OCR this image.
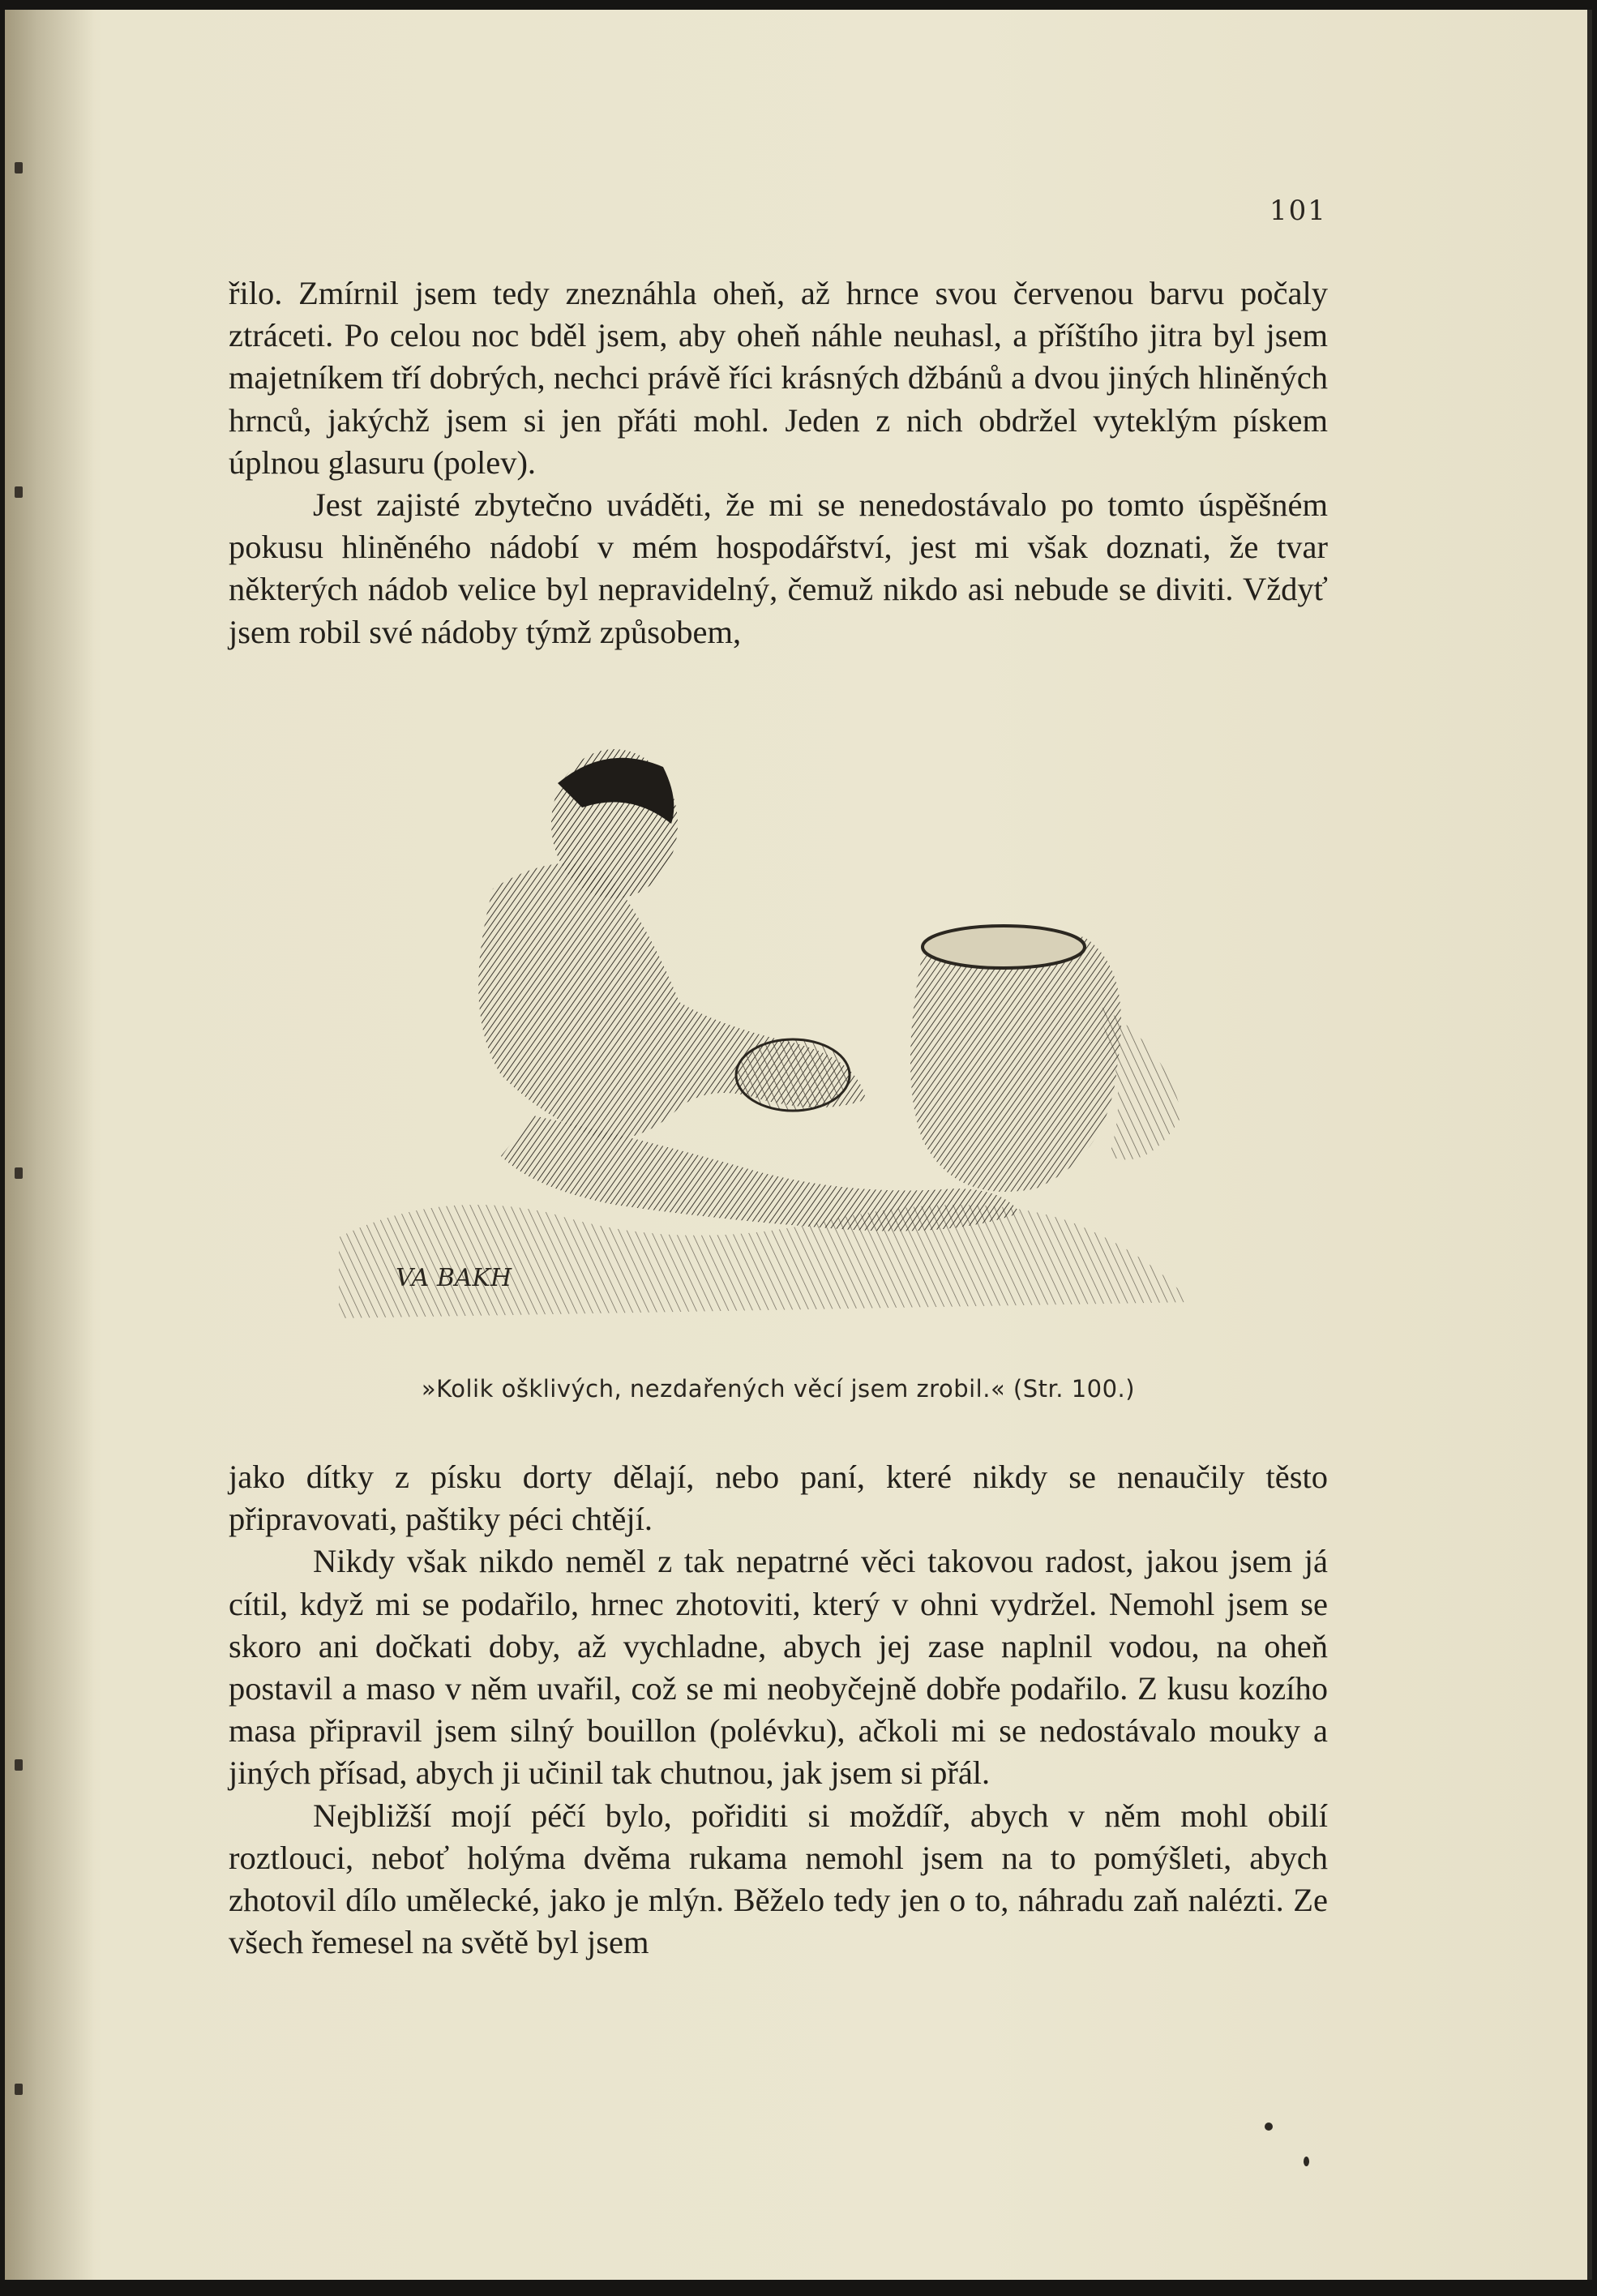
101

řilo. Zmírnil jsem tedy zneznáhla oheň, až hrnce svou červenou barvu počaly ztráceti. Po celou noc bděl jsem, aby oheň náhle neuhasl, a příštího jitra byl jsem majetníkem tří dobrých, nechci právě říci krásných džbánů a dvou jiných hliněných hrnců, jakýchž jsem si jen přáti mohl. Jeden z nich obdržel vyteklým pískem úplnou glasuru (polev).

Jest zajisté zbytečno uváděti, že mi se nenedostávalo po tomto úspěšném pokusu hliněného nádobí v mém hospodářství, jest mi však doznati, že tvar některých nádob velice byl nepravidelný, čemuž nikdo asi nebude se diviti. Vždyť jsem robil své nádoby týmž způsobem,

VA BAKH
»Kolik ošklivých, nezdařených věcí jsem zrobil.« (Str. 100.)

jako dítky z písku dorty dělají, nebo paní, které nikdy se nenaučily těsto připravovati, paštiky péci chtějí.

Nikdy však nikdo neměl z tak nepatrné věci takovou radost, jakou jsem já cítil, když mi se podařilo, hrnec zhotoviti, který v ohni vydržel. Nemohl jsem se skoro ani dočkati doby, až vychladne, abych jej zase naplnil vodou, na oheň postavil a maso v něm uvařil, což se mi neobyčejně dobře podařilo. Z kusu kozího masa připravil jsem silný bouillon (polévku), ačkoli mi se nedostávalo mouky a jiných přísad, abych ji učinil tak chutnou, jak jsem si přál.

Nejbližší mojí péčí bylo, pořiditi si moždíř, abych v něm mohl obilí roztlouci, neboť holýma dvěma rukama nemohl jsem na to pomýšleti, abych zhotovil dílo umělecké, jako je mlýn. Běželo tedy jen o to, náhradu zaň nalézti. Ze všech řemesel na světě byl jsem
